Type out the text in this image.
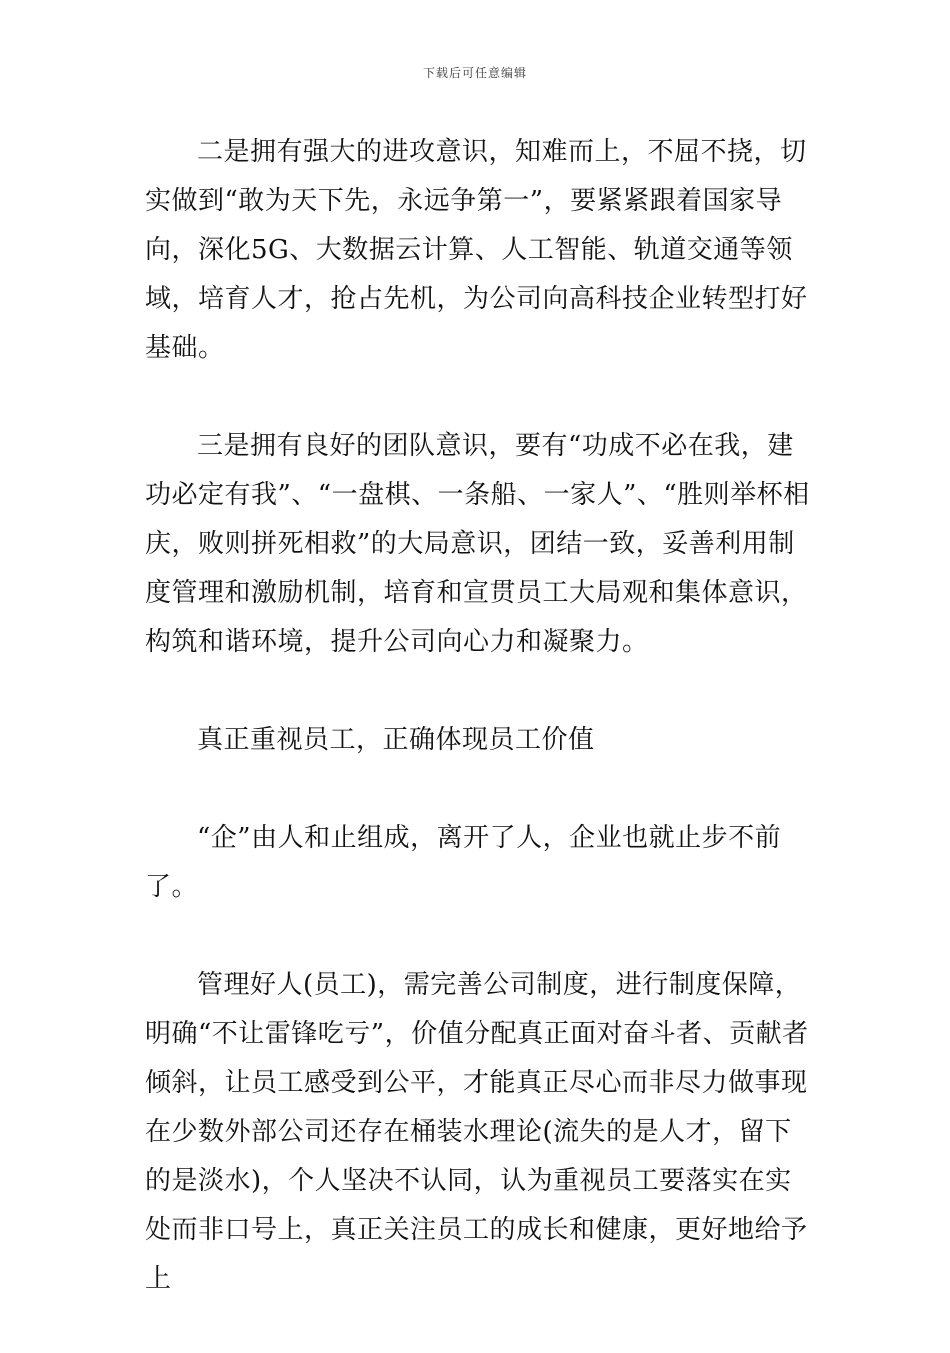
下载后可任意编辑

二是拥有强大的进攻意识，知难而上，不屈不挠，切实做到“敢为天下先，永远争第一”，要紧紧跟着国家导向，深化5G、大数据云计算、人工智能、轨道交通等领域，培育人才，抢占先机，为公司向高科技企业转型打好基础。

三是拥有良好的团队意识，要有“功成不必在我，建功必定有我”、“一盘棋、一条船、一家人”、“胜则举杯相庆，败则拼死相救”的大局意识，团结一致，妥善利用制度管理和激励机制，培育和宣贯员工大局观和集体意识，构筑和谐环境，提升公司向心力和凝聚力。

真正重视员工，正确体现员工价值

“企”由人和止组成，离开了人，企业也就止步不前了。

管理好人(员工)，需完善公司制度，进行制度保障，明确“不让雷锋吃亏”，价值分配真正面对奋斗者、贡献者倾斜，让员工感受到公平，才能真正尽心而非尽力做事现在少数外部公司还存在桶装水理论(流失的是人才，留下的是淡水)，个人坚决不认同，认为重视员工要落实在实处而非口号上，真正关注员工的成长和健康，更好地给予上
